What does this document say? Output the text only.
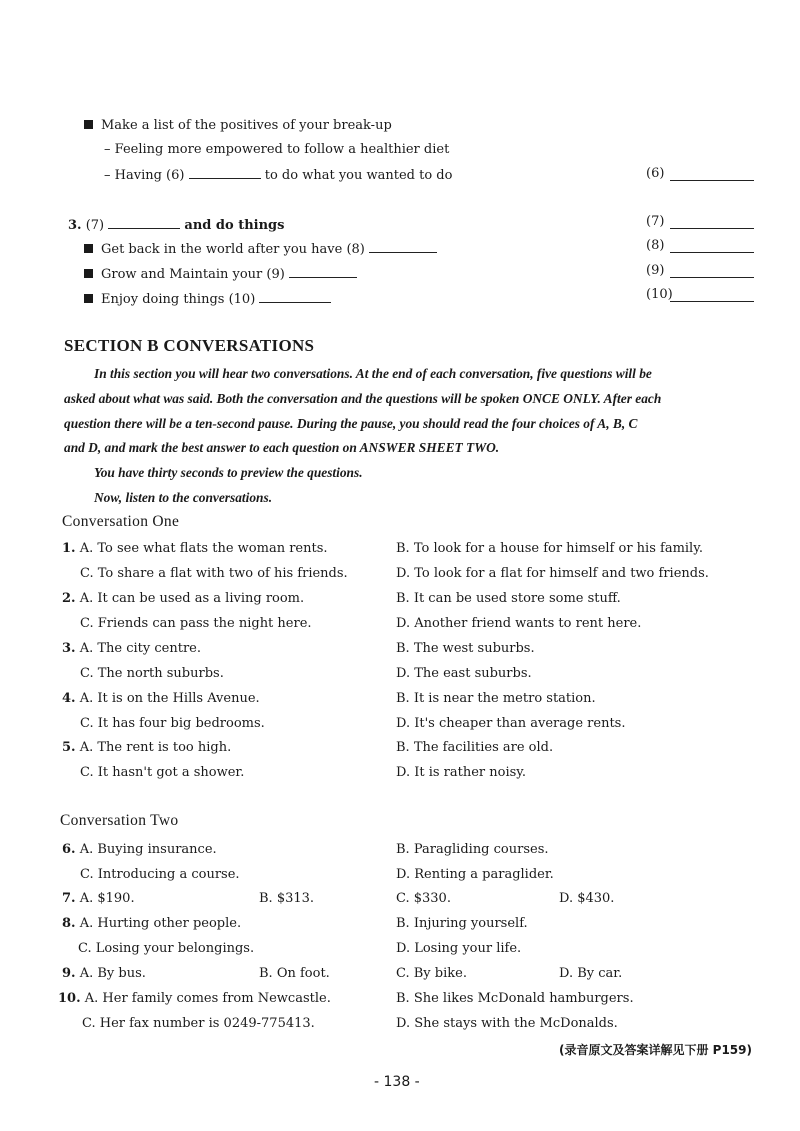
Make a list of the positives of your break-up
– Feeling more empowered to follow a healthier diet
– Having (6)	to do what you wanted to do
3. (7)	and do things
Get back in the world after you have (8)
Grow and Maintain your (9)
Enjoy doing things (10)
(6)
(7)
(8)
(9)
(10)
SECTION B CONVERSATIONS
In this section you will hear two conversations. At the end of each conversation, five questions will be
asked about what was said. Both the conversation and the questions will be spoken ONCE ONLY. After each
question there will be a ten-second pause. During the pause, you should read the four choices of A, B, C
and D, and mark the best answer to each question on ANSWER SHEET TWO.
You have thirty seconds to preview the questions.
Now, listen to the conversations.
Conversation One
1. A. To see what flats the woman rents.	B. To look for a house for himself or his family.
C. To share a flat with two of his friends.	D. To look for a flat for himself and two friends.
2. A. It can be used as a living room.	B. It can be used store some stuff.
C. Friends can pass the night here.	D. Another friend wants to rent here.
3. A. The city centre.	B. The west suburbs.
C. The north suburbs.	D. The east suburbs.
4. A. It is on the Hills Avenue.	B. It is near the metro station.
C. It has four big bedrooms.	D. It's cheaper than average rents.
5. A. The rent is too high.	B. The facilities are old.
C. It hasn't got a shower.	D. It is rather noisy.
Conversation Two
6. A. Buying insurance.	B. Paragliding courses.
C. Introducing a course.	D. Renting a paraglider.
7. A. $190.	B. $313.	C. $330.	D. $430.
8. A. Hurting other people.	B. Injuring yourself.
C. Losing your belongings.	D. Losing your life.
9. A. By bus.	B. On foot.	C. By bike.	D. By car.
10. A. Her family comes from Newcastle.	B. She likes McDonald hamburgers.
C. Her fax number is 0249-775413.	D. She stays with the McDonalds.
(录音原文及答案详解见下册 P159)
- 138 -
